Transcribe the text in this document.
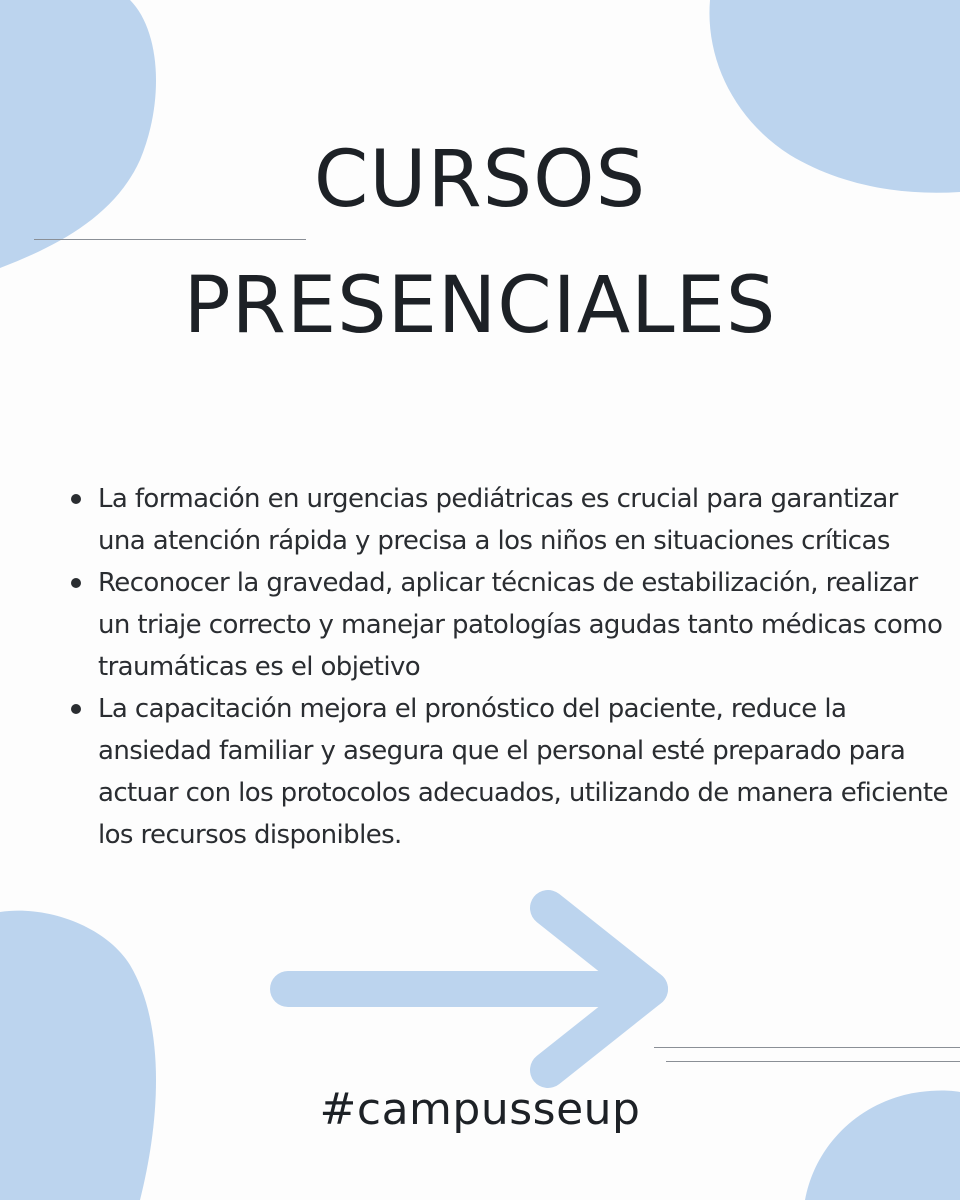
CURSOS
PRESENCIALES
La formación en urgencias pediátricas es crucial para garantizar una atención rápida y precisa a los niños en situaciones críticas
Reconocer la gravedad, aplicar técnicas de estabilización, realizar un triaje correcto y manejar patologías agudas tanto médicas como traumáticas es el objetivo
La capacitación mejora el pronóstico del paciente, reduce la ansiedad familiar y asegura que el personal esté preparado para actuar con los protocolos adecuados, utilizando de manera eficiente los recursos disponibles.
#campusseup
